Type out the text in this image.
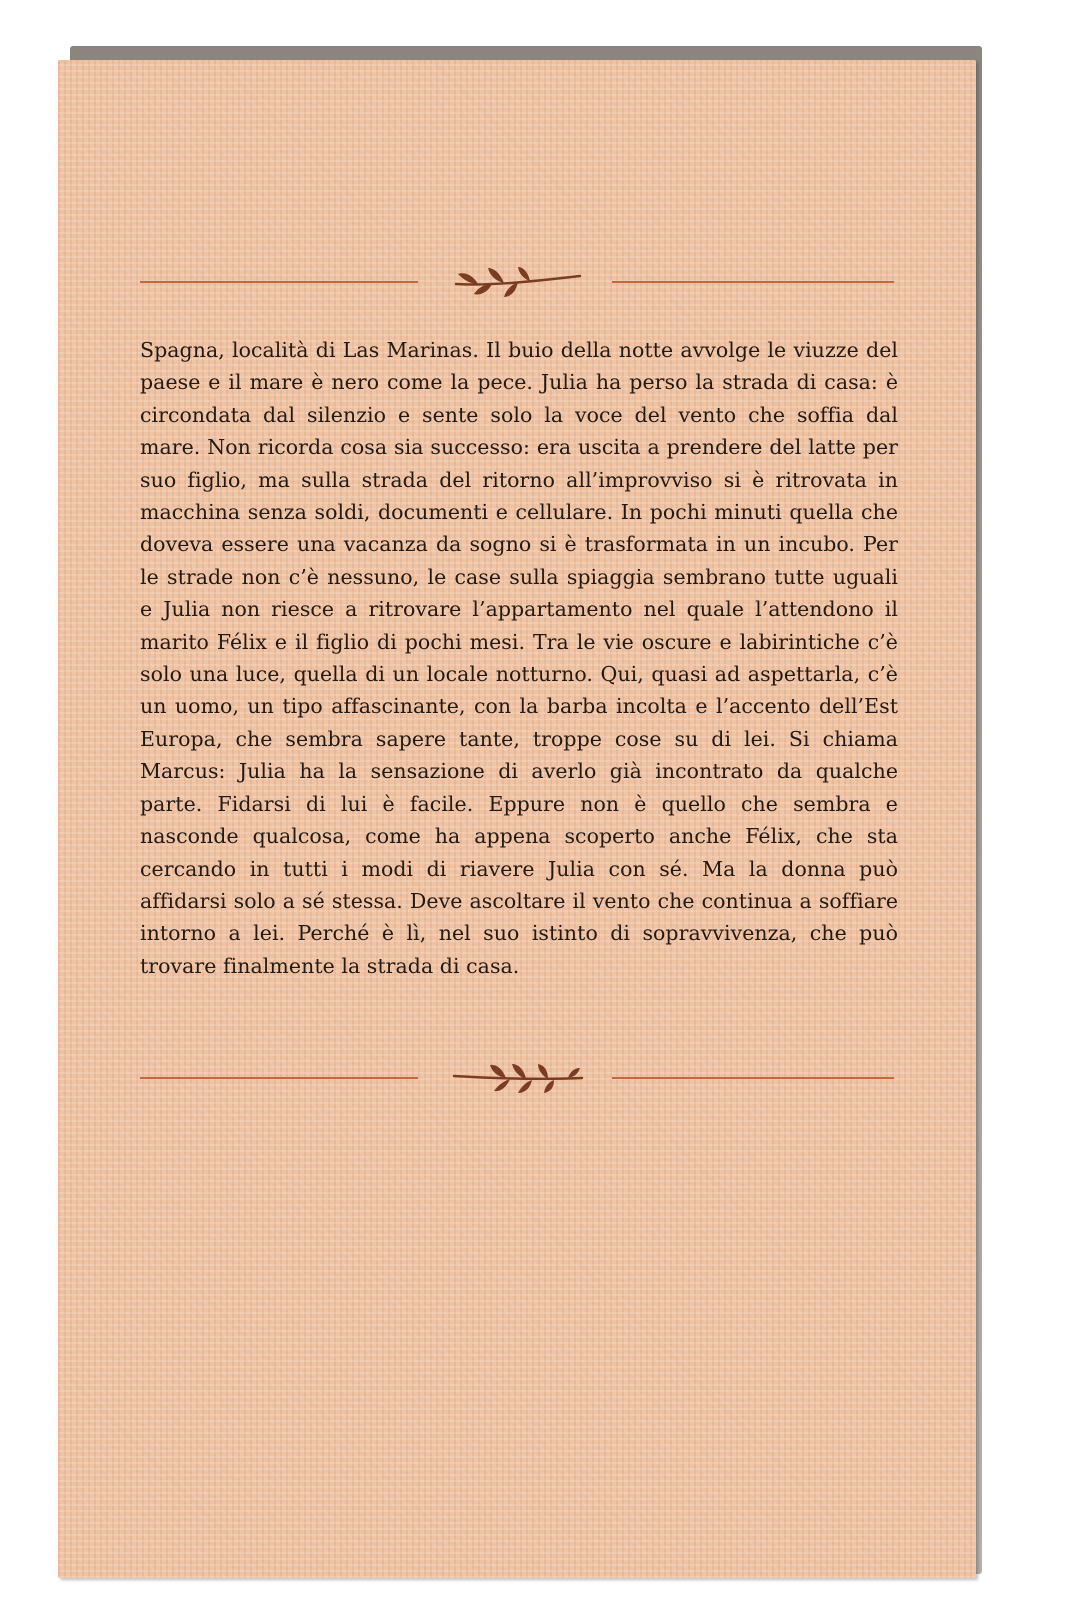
Spagna, località di Las Marinas. Il buio della notte avvolge le viuzze del paese e il mare è nero come la pece. Julia ha perso la strada di casa: è circondata dal silenzio e sente solo la voce del vento che soffia dal mare. Non ricorda cosa sia successo: era uscita a prendere del latte per suo figlio, ma sulla strada del ritorno all’improvviso si è ritrovata in macchina senza soldi, documenti e cellulare. In pochi minuti quella che doveva essere una vacanza da sogno si è trasformata in un incubo. Per le strade non c’è nessuno, le case sulla spiaggia sembrano tutte uguali e Julia non riesce a ritrovare l’appartamento nel quale l’attendono il marito Félix e il figlio di pochi mesi. Tra le vie oscure e labirintiche c’è solo una luce, quella di un locale notturno. Qui, quasi ad aspettarla, c’è un uomo, un tipo affascinante, con la barba incolta e l’accento dell’Est Europa, che sembra sapere tante, troppe cose su di lei. Si chiama Marcus: Julia ha la sensazione di averlo già incontrato da qualche parte. Fidarsi di lui è facile. Eppure non è quello che sembra e nasconde qualcosa, come ha appena scoperto anche Félix, che sta cercando in tutti i modi di riavere Julia con sé. Ma la donna può affidarsi solo a sé stessa. Deve ascoltare il vento che continua a soffiare intorno a lei. Perché è lì, nel suo istinto di sopravvivenza, che può trovare finalmente la strada di casa.
